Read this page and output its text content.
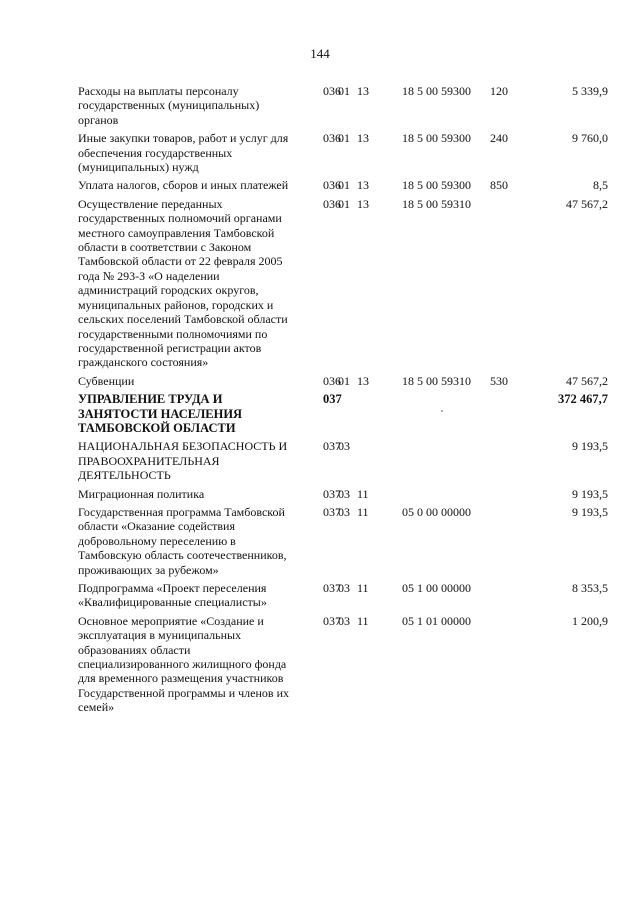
144
Расходы на выплаты персоналу государственных (муниципальных) органов	036	01	13	18 5 00 59300	120	5 339,9
Иные закупки товаров, работ и услуг для обеспечения государственных (муниципальных) нужд	036	01	13	18 5 00 59300	240	9 760,0
Уплата налогов, сборов и иных платежей	036	01	13	18 5 00 59300	850	8,5
Осуществление переданных государственных полномочий органами местного самоуправления Тамбовской области в соответствии с Законом Тамбовской области от 22 февраля 2005 года № 293-З «О наделении администраций городских округов, муниципальных районов, городских и сельских поселений Тамбовской области государственными полномочиями по государственной регистрации актов гражданского состояния»	036	01	13	18 5 00 59310		47 567,2
Субвенции	036	01	13	18 5 00 59310	530	47 567,2
УПРАВЛЕНИЕ ТРУДА И ЗАНЯТОСТИ НАСЕЛЕНИЯ ТАМБОВСКОЙ ОБЛАСТИ	037					372 467,7
НАЦИОНАЛЬНАЯ БЕЗОПАСНОСТЬ И ПРАВООХРАНИТЕЛЬНАЯ ДЕЯТЕЛЬНОСТЬ	037	03				9 193,5
Миграционная политика	037	03	11			9 193,5
Государственная программа Тамбовской области «Оказание содействия добровольному переселению в Тамбовскую область соотечественников, проживающих за рубежом»	037	03	11	05 0 00 00000		9 193,5
Подпрограмма «Проект переселения «Квалифицированные специалисты»	037	03	11	05 1 00 00000		8 353,5
Основное мероприятие «Создание и эксплуатация в муниципальных образованиях области специализированного жилищного фонда для временного размещения участников Государственной программы и членов их семей»	037	03	11	05 1 01 00000		1 200,9
